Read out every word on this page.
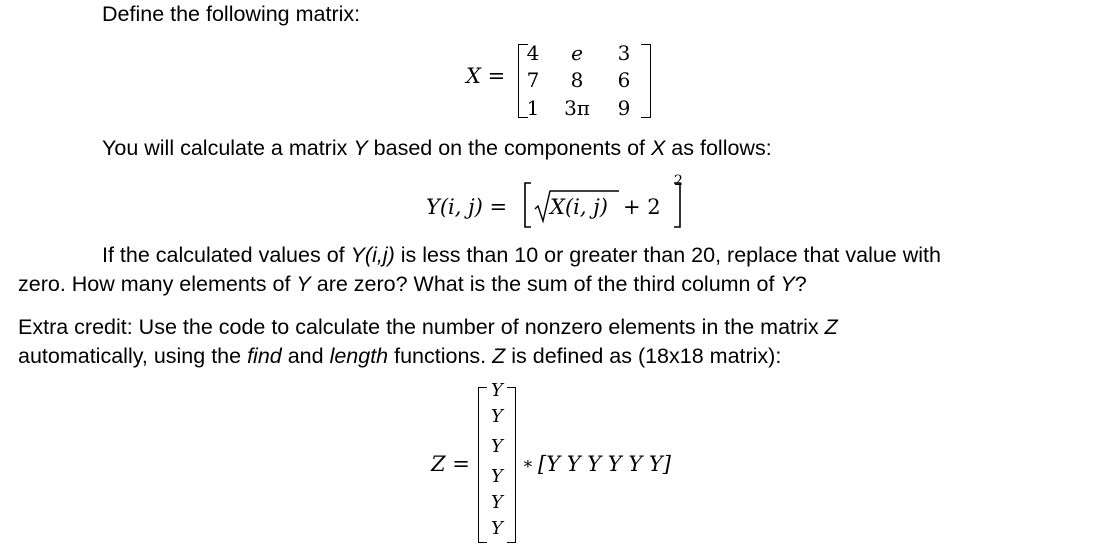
Define the following matrix:
X =
4	e	3
7	8	6
1	3π	9
You will calculate a matrix Y based on the components of X as follows:
Y(i, j) = X(i, j) + 2
2
If the calculated values of Y(i,j) is less than 10 or greater than 20, replace that value with
zero. How many elements of Y are zero? What is the sum of the third column of Y?
Extra credit: Use the code to calculate the number of nonzero elements in the matrix Z
automatically, using the find and length functions. Z is defined as (18x18 matrix):
Z =
Y
Y
Y
Y
Y
Y
∗ [Y Y Y Y Y Y]
